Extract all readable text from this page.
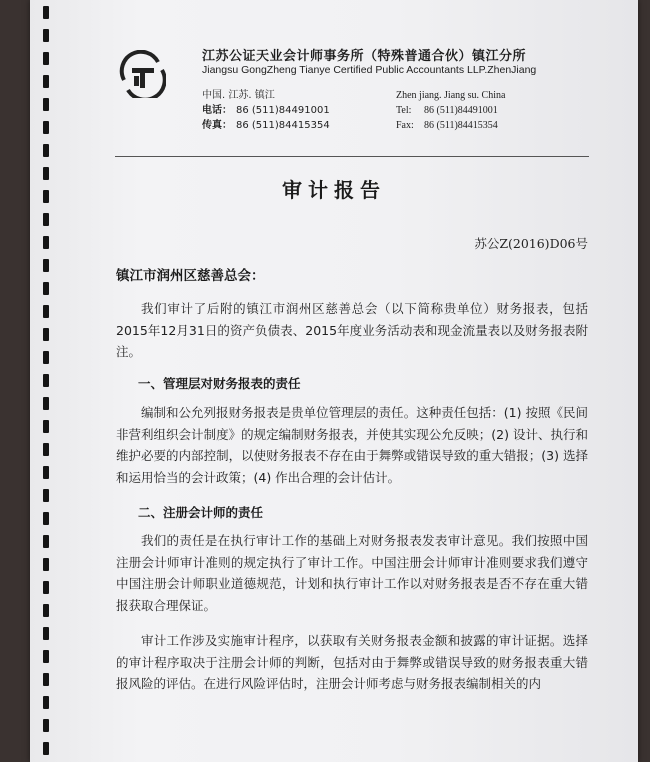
江苏公证天业会计师事务所（特殊普通合伙）镇江分所
Jiangsu GongZheng Tianye Certified Public Accountants LLP.ZhenJiang
中国. 江苏. 镇江
电话： 86 (511)84491001
传真： 86 (511)84415354
Zhen jiang. Jiang su. China
Tel: 86 (511)84491001
Fax: 86 (511)84415354
审计报告
苏公Z(2016)D06号
镇江市润州区慈善总会：
我们审计了后附的镇江市润州区慈善总会（以下简称贵单位）财务报表，包括2015年12月31日的资产负债表、2015年度业务活动表和现金流量表以及财务报表附注。
一、管理层对财务报表的责任
编制和公允列报财务报表是贵单位管理层的责任。这种责任包括：(1) 按照《民间非营利组织会计制度》的规定编制财务报表，并使其实现公允反映；(2) 设计、执行和维护必要的内部控制，以使财务报表不存在由于舞弊或错误导致的重大错报；(3) 选择和运用恰当的会计政策；(4) 作出合理的会计估计。
二、注册会计师的责任
我们的责任是在执行审计工作的基础上对财务报表发表审计意见。我们按照中国注册会计师审计准则的规定执行了审计工作。中国注册会计师审计准则要求我们遵守中国注册会计师职业道德规范，计划和执行审计工作以对财务报表是否不存在重大错报获取合理保证。
审计工作涉及实施审计程序，以获取有关财务报表金额和披露的审计证据。选择的审计程序取决于注册会计师的判断，包括对由于舞弊或错误导致的财务报表重大错报风险的评估。在进行风险评估时，注册会计师考虑与财务报表编制相关的内
